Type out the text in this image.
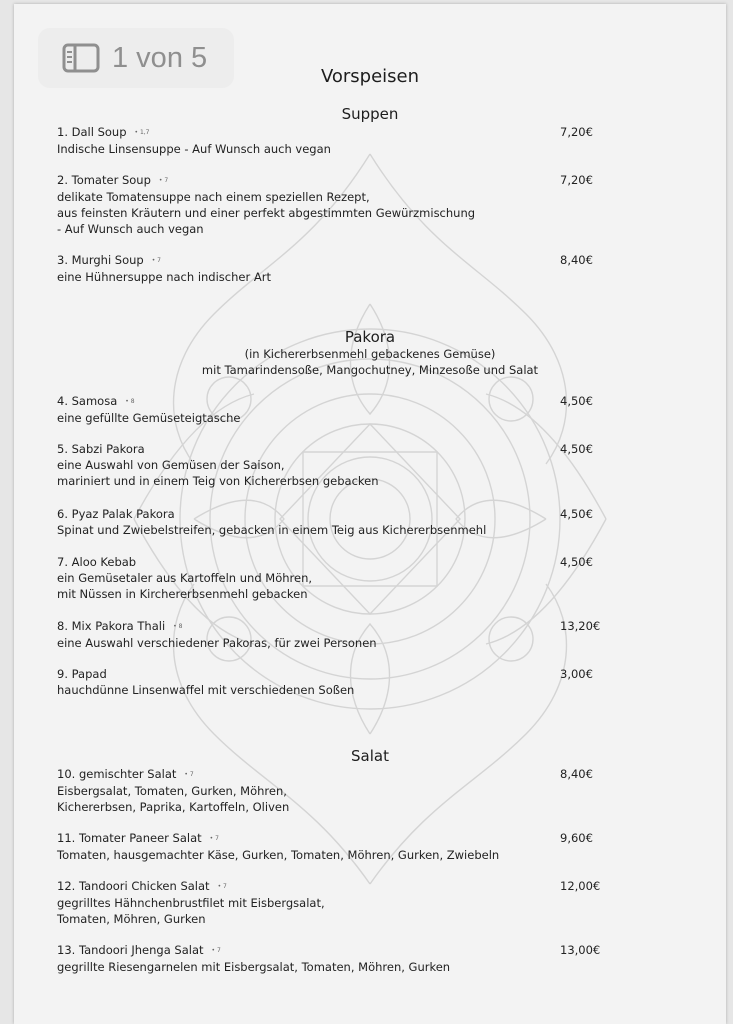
1 von 5
Vorspeisen
Suppen
1. Dall Soup • 1,7
Indische Linsensuppe - Auf Wunsch auch vegan
7,20€
2. Tomater Soup • 7
delikate Tomatensuppe nach einem speziellen Rezept,
aus feinsten Kräutern und einer perfekt abgestimmten Gewürzmischung
- Auf Wunsch auch vegan
7,20€
3. Murghi Soup • 7
eine Hühnersuppe nach indischer Art
8,40€
Pakora
(in Kichererbsenmehl gebackenes Gemüse)
mit Tamarindensoße, Mangochutney, Minzesoße und Salat
4. Samosa • 8
eine gefüllte Gemüseteigtasche
4,50€
5. Sabzi Pakora
eine Auswahl von Gemüsen der Saison,
mariniert und in einem Teig von Kichererbsen gebacken
4,50€
6. Pyaz Palak Pakora
Spinat und Zwiebelstreifen, gebacken in einem Teig aus Kichererbsenmehl
4,50€
7. Aloo Kebab
ein Gemüsetaler aus Kartoffeln und Möhren,
mit Nüssen in Kirchererbsenmehl gebacken
4,50€
8. Mix Pakora Thali • 8
eine Auswahl verschiedener Pakoras, für zwei Personen
13,20€
9. Papad
hauchdünne Linsenwaffel mit verschiedenen Soßen
3,00€
Salat
10. gemischter Salat • 7
Eisbergsalat, Tomaten, Gurken, Möhren,
Kichererbsen, Paprika, Kartoffeln, Oliven
8,40€
11. Tomater Paneer Salat • 7
Tomaten, hausgemachter Käse, Gurken, Tomaten, Möhren, Gurken, Zwiebeln
9,60€
12. Tandoori Chicken Salat • 7
gegrilltes Hähnchenbrustfilet mit Eisbergsalat,
Tomaten, Möhren, Gurken
12,00€
13. Tandoori Jhenga Salat • 7
gegrillte Riesengarnelen mit Eisbergsalat, Tomaten, Möhren, Gurken
13,00€
